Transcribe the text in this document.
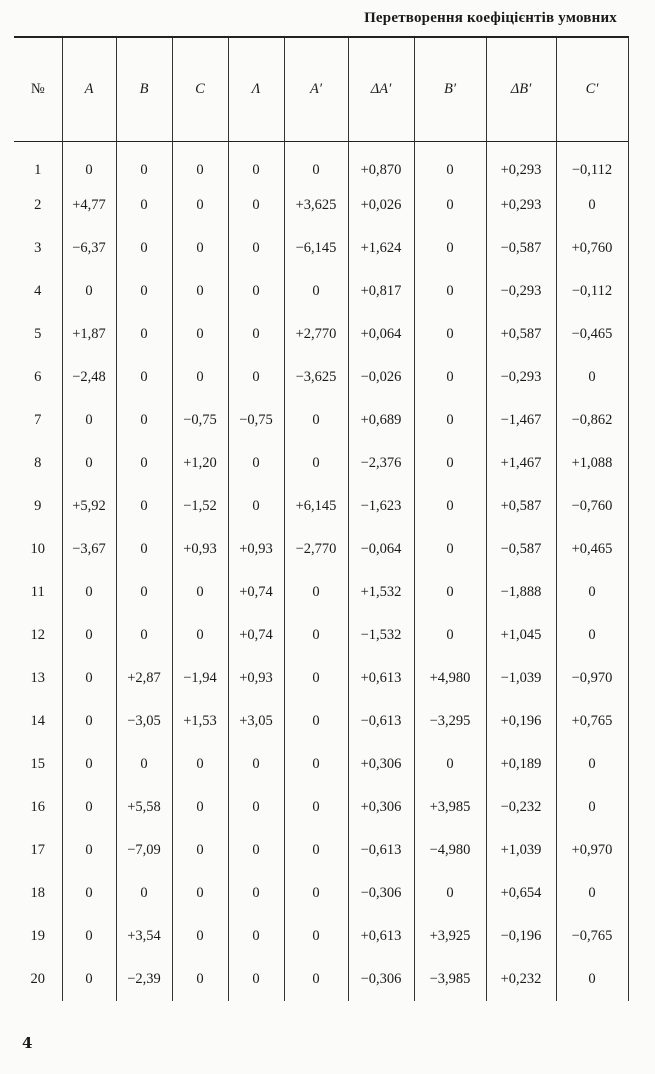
Перетворення коефіцієнтів умовних
№	A	B	C	Λ	A′	ΔA′	B′	ΔB′	C′
1	0	0	0	0	0	+0,870	0	+0,293	−0,112
2	+4,77	0	0	0	+3,625	+0,026	0	+0,293	0
3	−6,37	0	0	0	−6,145	+1,624	0	−0,587	+0,760
4	0	0	0	0	0	+0,817	0	−0,293	−0,112
5	+1,87	0	0	0	+2,770	+0,064	0	+0,587	−0,465
6	−2,48	0	0	0	−3,625	−0,026	0	−0,293	0
7	0	0	−0,75	−0,75	0	+0,689	0	−1,467	−0,862
8	0	0	+1,20	0	0	−2,376	0	+1,467	+1,088
9	+5,92	0	−1,52	0	+6,145	−1,623	0	+0,587	−0,760
10	−3,67	0	+0,93	+0,93	−2,770	−0,064	0	−0,587	+0,465
11	0	0	0	+0,74	0	+1,532	0	−1,888	0
12	0	0	0	+0,74	0	−1,532	0	+1,045	0
13	0	+2,87	−1,94	+0,93	0	+0,613	+4,980	−1,039	−0,970
14	0	−3,05	+1,53	+3,05	0	−0,613	−3,295	+0,196	+0,765
15	0	0	0	0	0	+0,306	0	+0,189	0
16	0	+5,58	0	0	0	+0,306	+3,985	−0,232	0
17	0	−7,09	0	0	0	−0,613	−4,980	+1,039	+0,970
18	0	0	0	0	0	−0,306	0	+0,654	0
19	0	+3,54	0	0	0	+0,613	+3,925	−0,196	−0,765
20	0	−2,39	0	0	0	−0,306	−3,985	+0,232	0
4
